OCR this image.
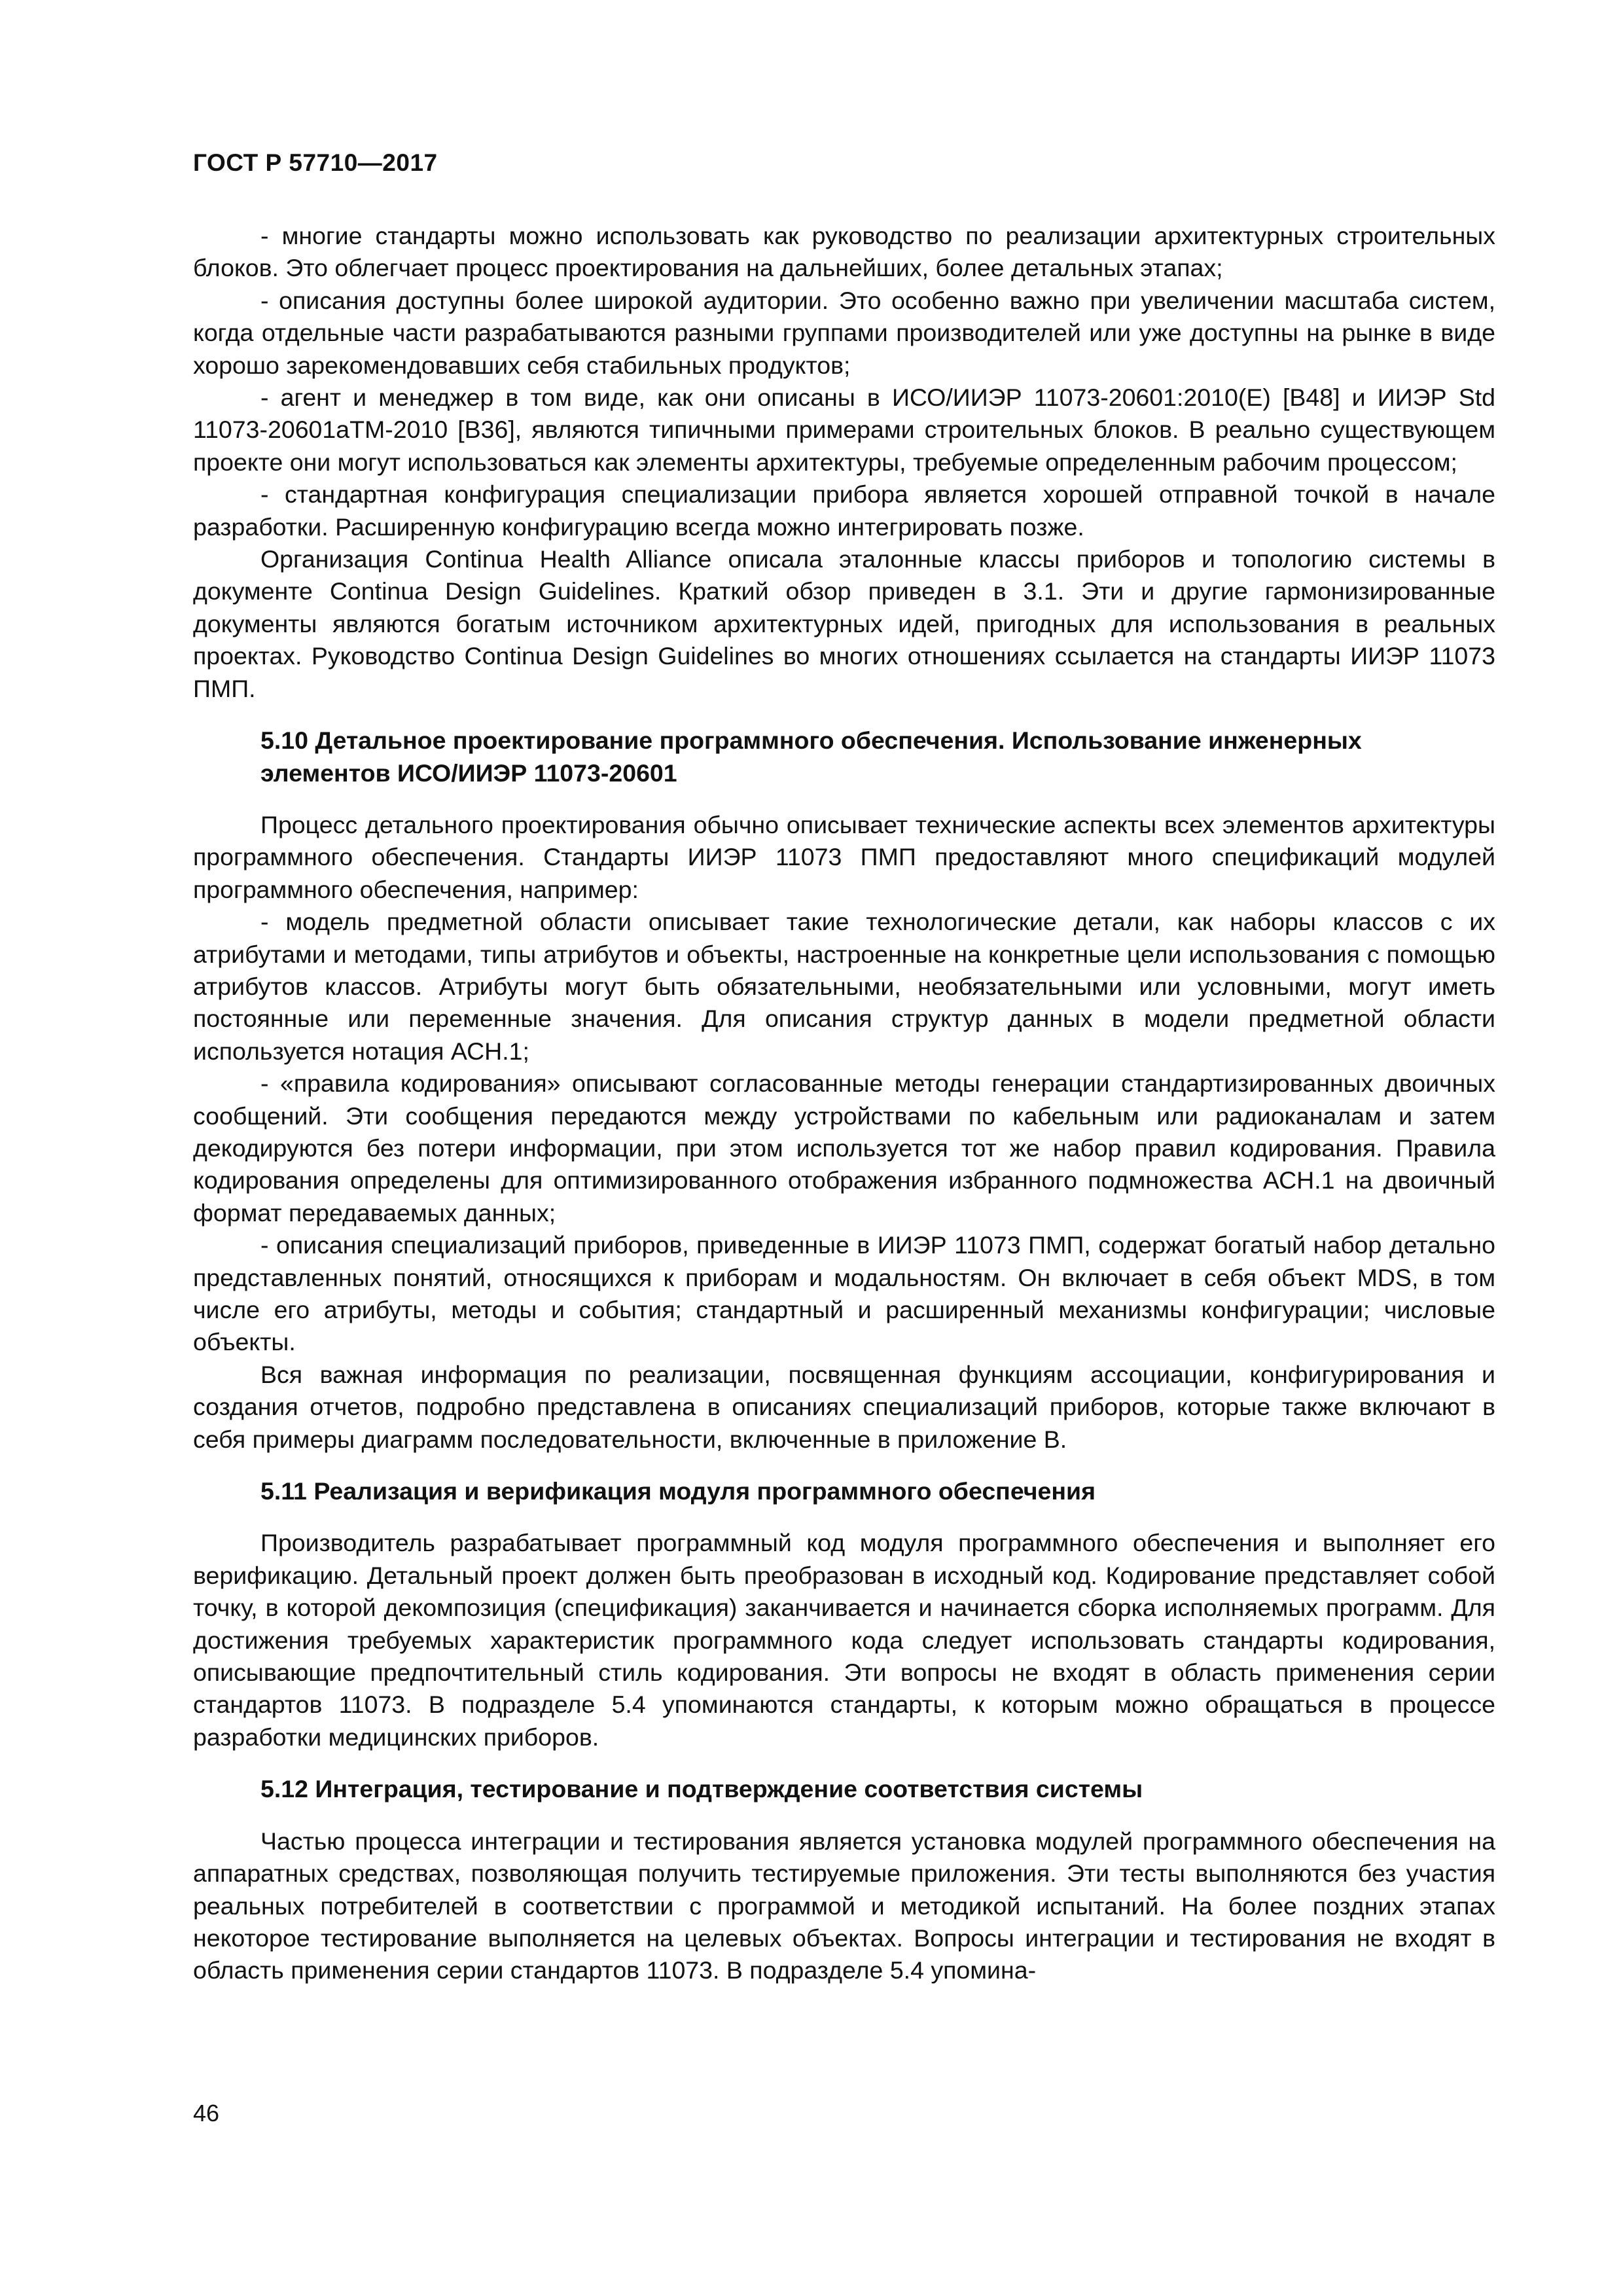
ГОСТ Р 57710—2017

- многие стандарты можно использовать как руководство по реализации архитектурных строительных блоков. Это облегчает процесс проектирования на дальнейших, более детальных этапах;

- описания доступны более широкой аудитории. Это особенно важно при увеличении масштаба систем, когда отдельные части разрабатываются разными группами производителей или уже доступны на рынке в виде хорошо зарекомендовавших себя стабильных продуктов;

- агент и менеджер в том виде, как они описаны в ИСО/ИИЭР 11073-20601:2010(E) [B48] и ИИЭР Std 11073-20601aTM-2010 [B36], являются типичными примерами строительных блоков. В реально существующем проекте они могут использоваться как элементы архитектуры, требуемые определенным рабочим процессом;

- стандартная конфигурация специализации прибора является хорошей отправной точкой в начале разработки. Расширенную конфигурацию всегда можно интегрировать позже.

Организация Continua Health Alliance описала эталонные классы приборов и топологию системы в документе Continua Design Guidelines. Краткий обзор приведен в 3.1. Эти и другие гармонизированные документы являются богатым источником архитектурных идей, пригодных для использования в реальных проектах. Руководство Continua Design Guidelines во многих отношениях ссылается на стандарты ИИЭР 11073 ПМП.

5.10 Детальное проектирование программного обеспечения. Использование инженерных элементов ИСО/ИИЭР 11073-20601

Процесс детального проектирования обычно описывает технические аспекты всех элементов архитектуры программного обеспечения. Стандарты ИИЭР 11073 ПМП предоставляют много спецификаций модулей программного обеспечения, например:

- модель предметной области описывает такие технологические детали, как наборы классов с их атрибутами и методами, типы атрибутов и объекты, настроенные на конкретные цели использования с помощью атрибутов классов. Атрибуты могут быть обязательными, необязательными или условными, могут иметь постоянные или переменные значения. Для описания структур данных в модели предметной области используется нотация АСН.1;

- «правила кодирования» описывают согласованные методы генерации стандартизированных двоичных сообщений. Эти сообщения передаются между устройствами по кабельным или радиоканалам и затем декодируются без потери информации, при этом используется тот же набор правил кодирования. Правила кодирования определены для оптимизированного отображения избранного подмножества АСН.1 на двоичный формат передаваемых данных;

- описания специализаций приборов, приведенные в ИИЭР 11073 ПМП, содержат богатый набор детально представленных понятий, относящихся к приборам и модальностям. Он включает в себя объект MDS, в том числе его атрибуты, методы и события; стандартный и расширенный механизмы конфигурации; числовые объекты.

Вся важная информация по реализации, посвященная функциям ассоциации, конфигурирования и создания отчетов, подробно представлена в описаниях специализаций приборов, которые также включают в себя примеры диаграмм последовательности, включенные в приложение В.

5.11 Реализация и верификация модуля программного обеспечения

Производитель разрабатывает программный код модуля программного обеспечения и выполняет его верификацию. Детальный проект должен быть преобразован в исходный код. Кодирование представляет собой точку, в которой декомпозиция (спецификация) заканчивается и начинается сборка исполняемых программ. Для достижения требуемых характеристик программного кода следует использовать стандарты кодирования, описывающие предпочтительный стиль кодирования. Эти вопросы не входят в область применения серии стандартов 11073. В подразделе 5.4 упоминаются стандарты, к которым можно обращаться в процессе разработки медицинских приборов.

5.12 Интеграция, тестирование и подтверждение соответствия системы

Частью процесса интеграции и тестирования является установка модулей программного обеспечения на аппаратных средствах, позволяющая получить тестируемые приложения. Эти тесты выполняются без участия реальных потребителей в соответствии с программой и методикой испытаний. На более поздних этапах некоторое тестирование выполняется на целевых объектах. Вопросы интеграции и тестирования не входят в область применения серии стандартов 11073. В подразделе 5.4 упомина-

46
